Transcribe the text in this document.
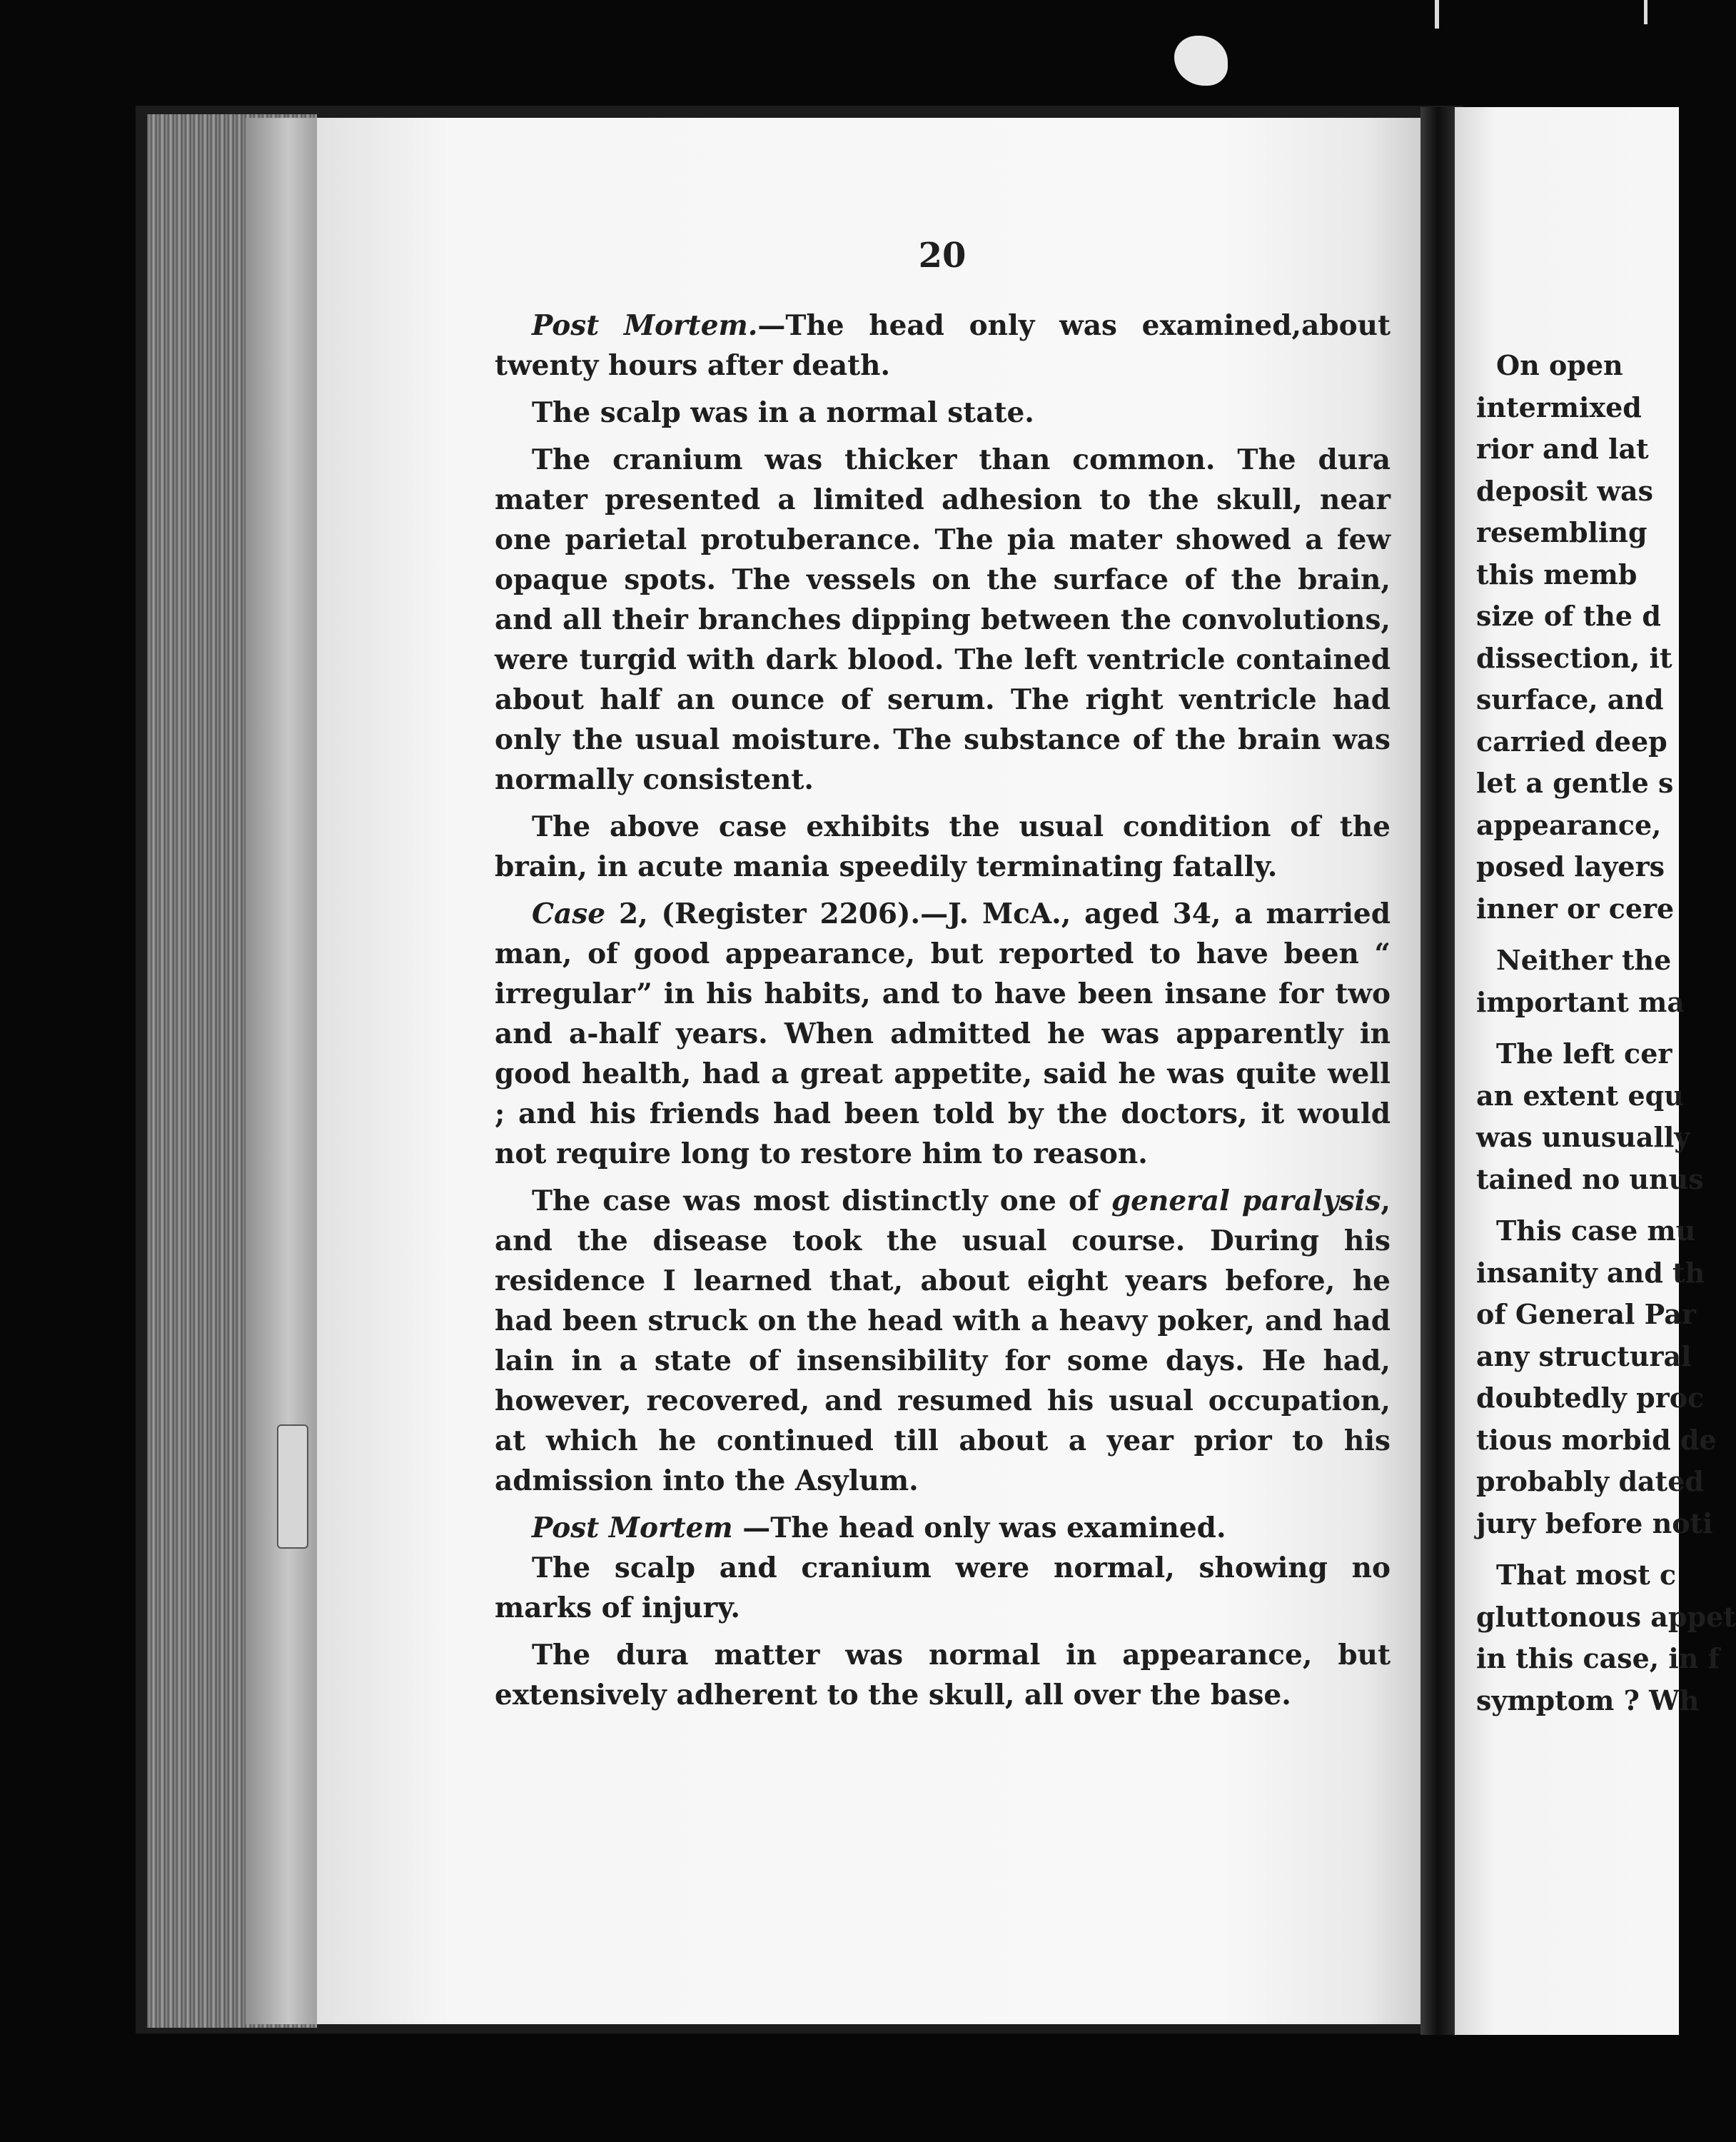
20

Post Mortem.—The head only was examined,about twenty hours after death.

The scalp was in a normal state.

The cranium was thicker than common. The dura mater presented a limited adhesion to the skull, near one parietal protuberance. The pia mater showed a few opaque spots. The vessels on the surface of the brain, and all their branches dipping between the convolutions, were turgid with dark blood. The left ventricle contained about half an ounce of serum. The right ventricle had only the usual moisture. The substance of the brain was normally consistent.

The above case exhibits the usual condition of the brain, in acute mania speedily terminating fatally.

Case 2, (Register 2206).—J. McA., aged 34, a married man, of good appearance, but reported to have been “ irregular” in his habits, and to have been insane for two and a-half years. When admitted he was apparently in good health, had a great appetite, said he was quite well ; and his friends had been told by the doctors, it would not require long to restore him to reason.

The case was most distinctly one of general paralysis, and the disease took the usual course. During his residence I learned that, about eight years before, he had been struck on the head with a heavy poker, and had lain in a state of insensibility for some days. He had, however, recovered, and resumed his usual occupation, at which he continued till about a year prior to his admission into the Asylum.

Post Mortem —The head only was examined.

The scalp and cranium were normal, showing no marks of injury.

The dura matter was normal in appearance, but extensively adherent to the skull, all over the base.

On open
intermixed
rior and lat
deposit was
resembling
this memb
size of the d
dissection, it
surface, and
carried deep
let a gentle s
appearance,
posed layers
inner or cere
Neither the
important ma
The left cer
an extent equ
was unusually
tained no unus
This case mu
insanity and th
of General Par
any structural
doubtedly proc
tious morbid de
probably dated
jury before noti
That most c
gluttonous appet
in this case, in f
symptom ? Wh
